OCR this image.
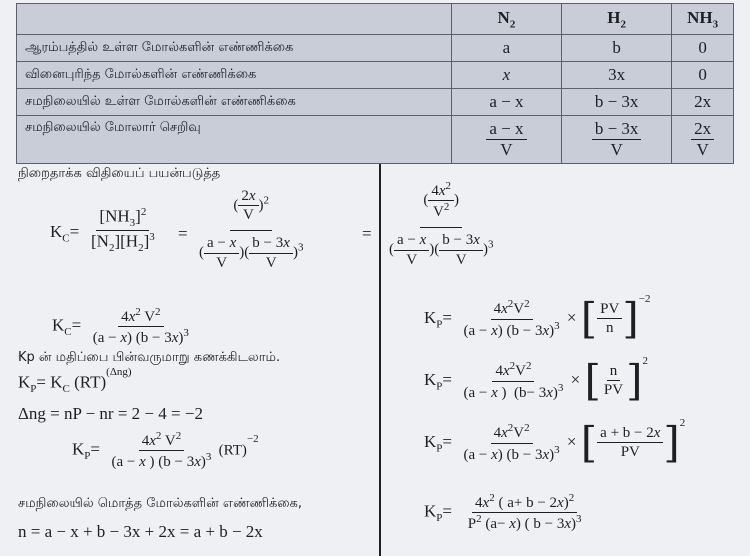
	$N_2$	$H_2$	$NH_3$
ஆரம்பத்தில் உள்ள மோல்களின் எண்ணிக்கை	a	b	0
வினைபுரிந்த மோல்களின் எண்ணிக்கை	x	3x	0
சமநிலையில் உள்ள மோல்களின் எண்ணிக்கை	a − x	b − 3x	2x
சமநிலையில் மோலார் செறிவு	$\frac{a - x}{V}$	$\frac{b - 3x}{V}$	$\frac{2x}{V}$
நிறைதாக்க விதியைப் பயன்படுத்த
$K_C= \frac{[NH_3]^2}{[N_2][H_2]^3} = \frac{( \frac{2x}{V} )^2}{( \frac{a - x}{V} )( \frac{b - 3x}{V} )^3}$
$K_C= \frac{4x^2 V^2}{(a - x) (b - 3x)^3}$
Kp ன் மதிப்பை பின்வருமாறு கணக்கிடலாம்.
$K_P= K_C$ (RT)$^{(\Delta ng)}$
Δng = nP − nr = 2 − 4 = −2
$K_P= \frac{4x^2 V^2}{(a - x ) (b - 3x)^3} (RT)^{-2}$
சமநிலையில் மொத்த மோல்களின் எண்ணிக்கை,
n = a − x + b − 3x + 2x = a + b − 2x
= $\frac{( \frac{4x^2}{V^2} )}{( \frac{a - x}{V} )( \frac{b - 3x}{V} )^3}$
$K_P= \frac{4x^2V^2}{(a - x) (b - 3x)^3}$ × [ $\frac{PV}{n} ]^{-2}$
$K_P= \frac{4x^2V^2}{(a - x ) (b- 3x)^3}$ × [ $\frac{n}{PV} ]^2$
$K_P= \frac{4x^2V^2}{(a - x) (b - 3x)^3}$ × [ $\frac{a + b - 2x}{PV} ]^2$
$K_P= \frac{4x^2 ( a+ b - 2x)^2}{P^2 (a- x) ( b - 3x)^3}$
